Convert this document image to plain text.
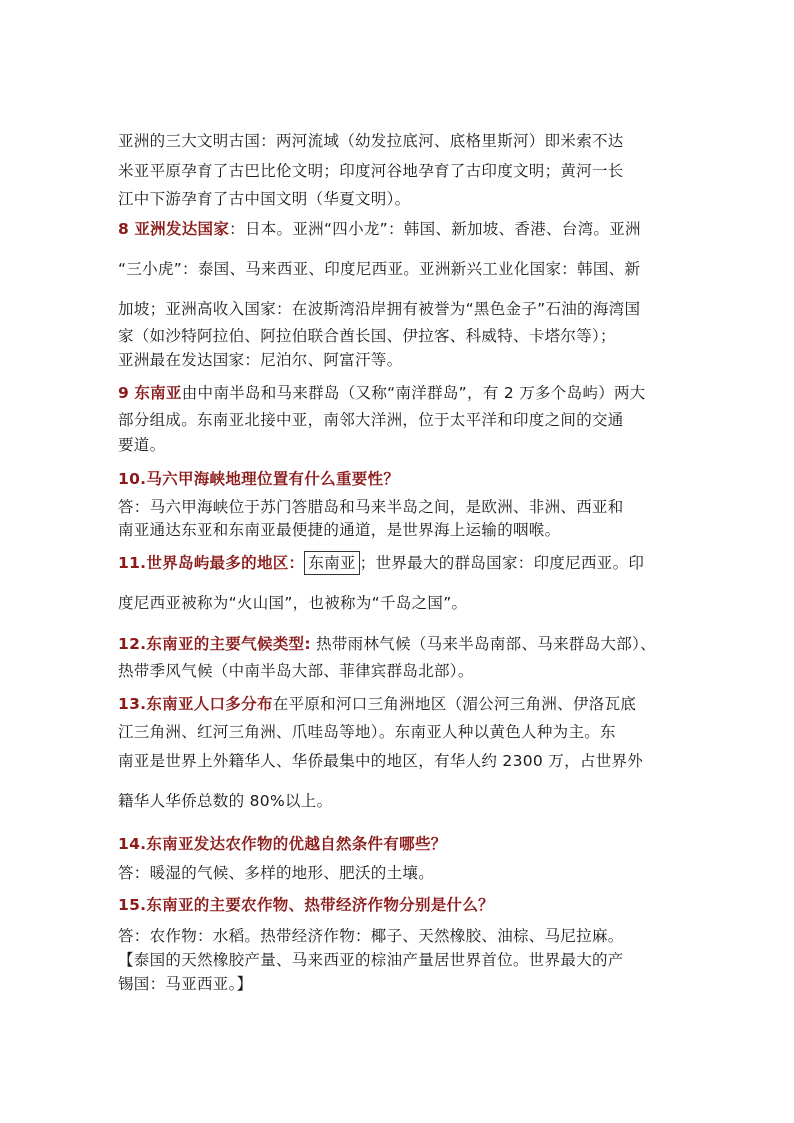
亚洲的三大文明古国：两河流域（幼发拉底河、底格里斯河）即米索不达
米亚平原孕育了古巴比伦文明；印度河谷地孕育了古印度文明；黄河一长
江中下游孕育了古中国文明（华夏文明）。
8 亚洲发达国家：日本。亚洲“四小龙”：韩国、新加坡、香港、台湾。亚洲
“三小虎”：泰国、马来西亚、印度尼西亚。亚洲新兴工业化国家：韩国、新
加坡；亚洲高收入国家：在波斯湾沿岸拥有被誉为“黑色金子”石油的海湾国
家（如沙特阿拉伯、阿拉伯联合酋长国、伊拉客、科威特、卡塔尔等）；
亚洲最在发达国家：尼泊尔、阿富汗等。
9 东南亚由中南半岛和马来群岛（又称“南洋群岛”，有 2 万多个岛屿）两大
部分组成。东南亚北接中亚，南邻大洋洲，位于太平洋和印度之间的交通
要道。
10.马六甲海峡地理位置有什么重要性？
答：马六甲海峡位于苏门答腊岛和马来半岛之间，是欧洲、非洲、西亚和
南亚通达东亚和东南亚最便捷的通道，是世界海上运输的咽喉。
11.世界岛屿最多的地区： 东南亚 ；世界最大的群岛国家：印度尼西亚。印
度尼西亚被称为“火山国”，也被称为“千岛之国”。
12.东南亚的主要气候类型: 热带雨林气候（马来半岛南部、马来群岛大部）、
热带季风气候（中南半岛大部、菲律宾群岛北部）。
13.东南亚人口多分布在平原和河口三角洲地区（湄公河三角洲、伊洛瓦底
江三角洲、红河三角洲、爪哇岛等地）。东南亚人种以黄色人种为主。东
南亚是世界上外籍华人、华侨最集中的地区，有华人约 2300 万，占世界外
籍华人华侨总数的 80%以上。
14.东南亚发达农作物的优越自然条件有哪些？
答：暖湿的气候、多样的地形、肥沃的土壤。
15.东南亚的主要农作物、热带经济作物分别是什么？
答：农作物：水稻。热带经济作物：椰子、天然橡胶、油棕、马尼拉麻。
【泰国的天然橡胶产量、马来西亚的棕油产量居世界首位。世界最大的产
锡国：马亚西亚。】
